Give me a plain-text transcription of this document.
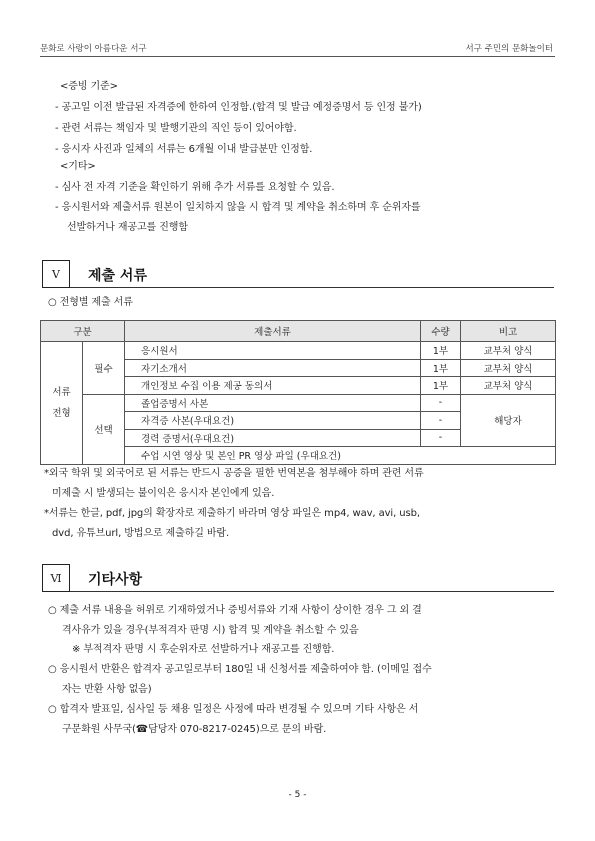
문화로 사랑이 아름다운 서구	서구 주민의 문화놀이터
<증빙 기준>
- 공고일 이전 발급된 자격증에 한하여 인정함.(합격 및 발급 예정증명서 등 인정 불가)
- 관련 서류는 책임자 및 발행기관의 직인 등이 있어야함.
- 응시자 사진과 일체의 서류는 6개월 이내 발급분만 인정함.
<기타>
- 심사 전 자격 기준을 확인하기 위해 추가 서류를 요청할 수 있음.
- 응시원서와 제출서류 원본이 일치하지 않을 시 합격 및 계약을 취소하며 후 순위자를
선발하거나 재공고를 진행함
V	제출 서류
○ 전형별 제출 서류
구분		제출서류	수량	비고
서류
전형	필수	응시원서	1부	교부처 양식
		자기소개서	1부	교부처 양식
		개인정보 수집 이용 제공 동의서	1부	교부처 양식
	선택	졸업증명서 사본	-	해당자
		자격증 사본(우대요건)	-	
		경력 증명서(우대요건)	-	
		수업 시연 영상 및 본인 PR 영상 파일 (우대요건)		
*외국 학위 및 외국어로 된 서류는 반드시 공증을 필한 번역본을 첨부해야 하며 관련 서류
미제출 시 발생되는 불이익은 응시자 본인에게 있음.
*서류는 한글, pdf, jpg의 확장자로 제출하기 바라며 영상 파일은 mp4, wav, avi, usb,
dvd, 유튜브url, 방법으로 제출하길 바람.
Ⅵ	기타사항
○ 제출 서류 내용을 허위로 기재하였거나 증빙서류와 기재 사항이 상이한 경우 그 외 결
격사유가 있을 경우(부적격자 판명 시) 합격 및 계약을 취소할 수 있음
※ 부적격자 판명 시 후순위자로 선발하거나 재공고를 진행함.
○ 응시원서 반환은 합격자 공고일로부터 180일 내 신청서를 제출하여야 함. (이메일 접수
자는 반환 사항 없음)
○ 합격자 발표일, 심사일 등 채용 일정은 사정에 따라 변경될 수 있으며 기타 사항은 서
구문화원 사무국(☎담당자 070-8217-0245)으로 문의 바람.
- 5 -
